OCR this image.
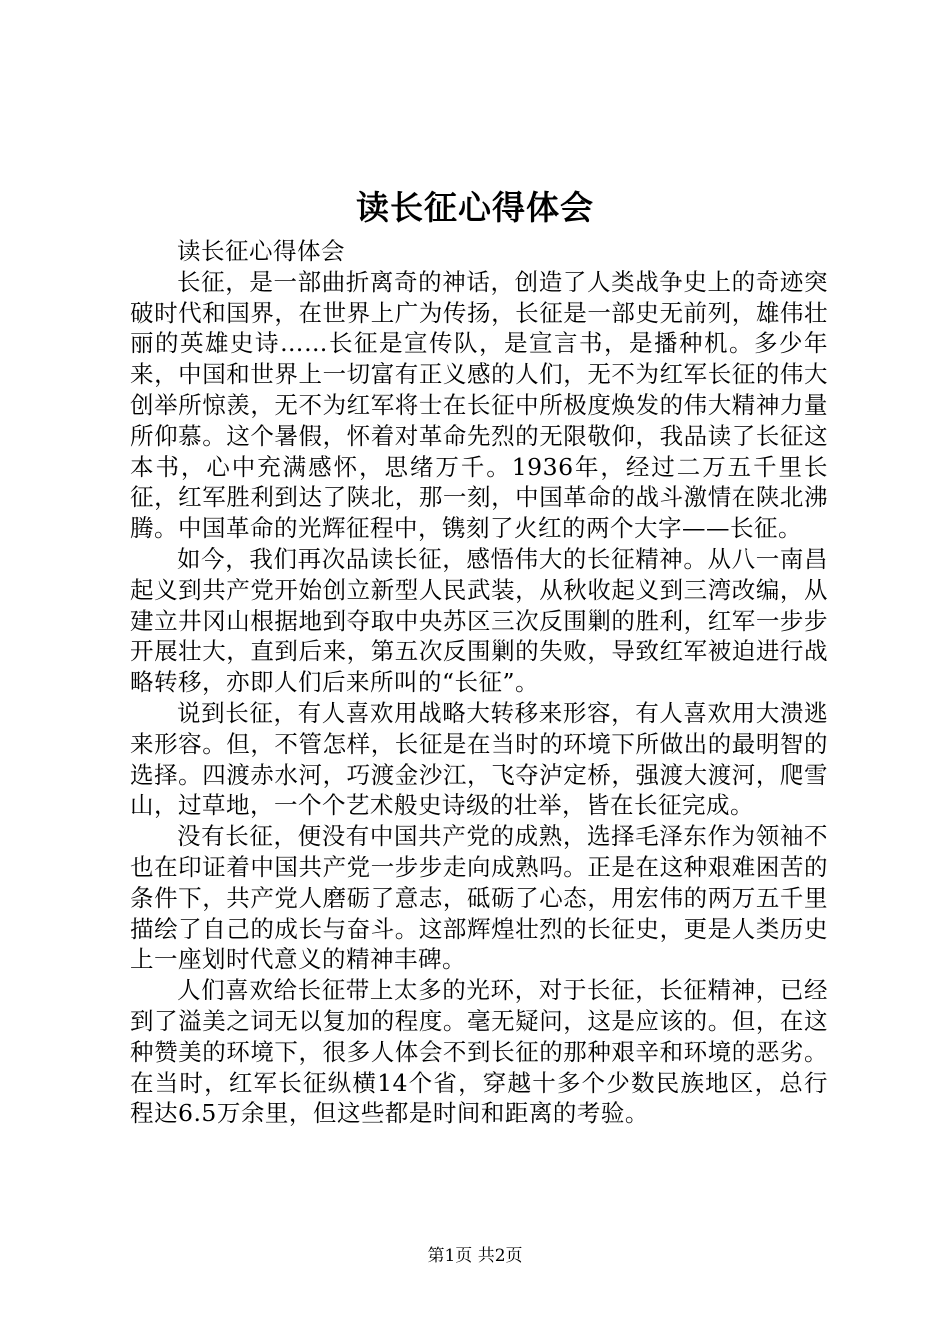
读长征心得体会

读长征心得体会

长征，是一部曲折离奇的神话，创造了人类战争史上的奇迹突破时代和国界，在世界上广为传扬，长征是一部史无前列，雄伟壮丽的英雄史诗……长征是宣传队，是宣言书，是播种机。多少年来，中国和世界上一切富有正义感的人们，无不为红军长征的伟大创举所惊羡，无不为红军将士在长征中所极度焕发的伟大精神力量所仰慕。这个暑假，怀着对革命先烈的无限敬仰，我品读了长征这本书，心中充满感怀，思绪万千。1936年，经过二万五千里长征，红军胜利到达了陕北，那一刻，中国革命的战斗激情在陕北沸腾。中国革命的光辉征程中，镌刻了火红的两个大字——长征。

如今，我们再次品读长征，感悟伟大的长征精神。从八一南昌起义到共产党开始创立新型人民武装，从秋收起义到三湾改编，从建立井冈山根据地到夺取中央苏区三次反围剿的胜利，红军一步步开展壮大，直到后来，第五次反围剿的失败，导致红军被迫进行战略转移，亦即人们后来所叫的“长征”。

说到长征，有人喜欢用战略大转移来形容，有人喜欢用大溃逃来形容。但，不管怎样，长征是在当时的环境下所做出的最明智的选择。四渡赤水河，巧渡金沙江，飞夺泸定桥，强渡大渡河，爬雪山，过草地，一个个艺术般史诗级的壮举，皆在长征完成。

没有长征，便没有中国共产党的成熟，选择毛泽东作为领袖不也在印证着中国共产党一步步走向成熟吗。正是在这种艰难困苦的条件下，共产党人磨砺了意志，砥砺了心态，用宏伟的两万五千里描绘了自己的成长与奋斗。这部辉煌壮烈的长征史，更是人类历史上一座划时代意义的精神丰碑。

人们喜欢给长征带上太多的光环，对于长征，长征精神，已经到了溢美之词无以复加的程度。毫无疑问，这是应该的。但，在这种赞美的环境下，很多人体会不到长征的那种艰辛和环境的恶劣。在当时，红军长征纵横14个省，穿越十多个少数民族地区，总行程达6.5万余里，但这些都是时间和距离的考验。

第1页 共2页
